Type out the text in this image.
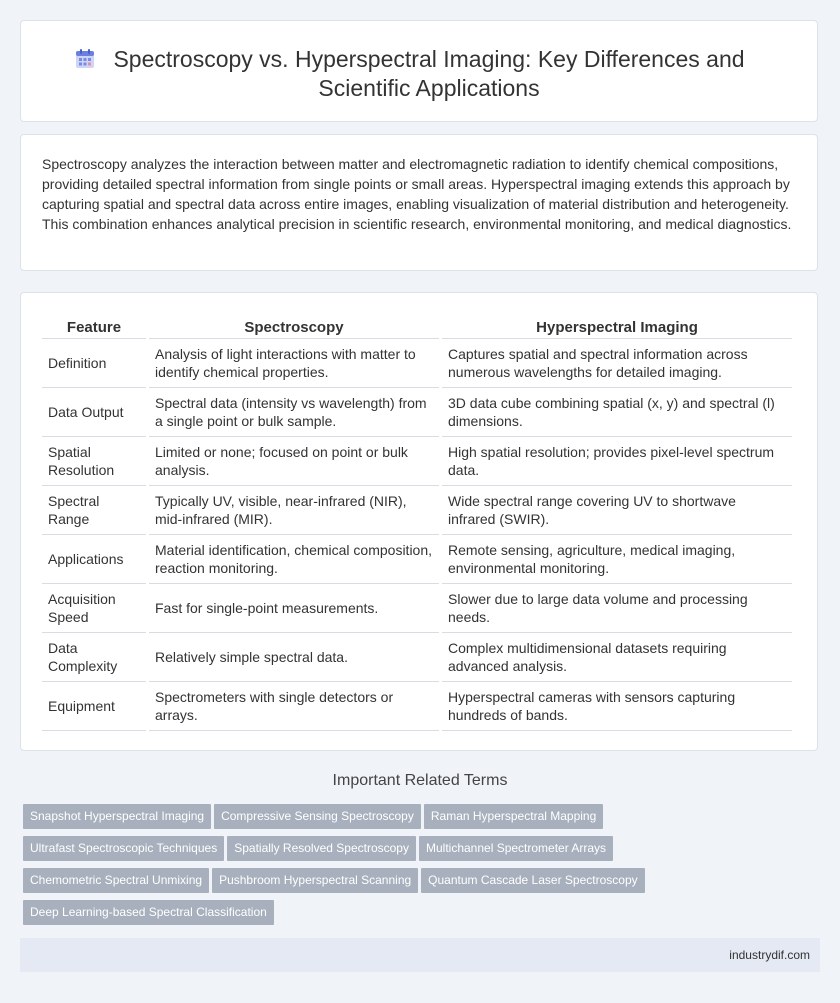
Spectroscopy vs. Hyperspectral Imaging: Key Differences and Scientific Applications

Spectroscopy analyzes the interaction between matter and electromagnetic radiation to identify chemical compositions, providing detailed spectral information from single points or small areas. Hyperspectral imaging extends this approach by capturing spatial and spectral data across entire images, enabling visualization of material distribution and heterogeneity. This combination enhances analytical precision in scientific research, environmental monitoring, and medical diagnostics.

Feature	Spectroscopy	Hyperspectral Imaging
Definition	Analysis of light interactions with matter to identify chemical properties.	Captures spatial and spectral information across numerous wavelengths for detailed imaging.
Data Output	Spectral data (intensity vs wavelength) from a single point or bulk sample.	3D data cube combining spatial (x, y) and spectral (l) dimensions.
Spatial Resolution	Limited or none; focused on point or bulk analysis.	High spatial resolution; provides pixel-level spectrum data.
Spectral Range	Typically UV, visible, near-infrared (NIR), mid-infrared (MIR).	Wide spectral range covering UV to shortwave infrared (SWIR).
Applications	Material identification, chemical composition, reaction monitoring.	Remote sensing, agriculture, medical imaging, environmental monitoring.
Acquisition Speed	Fast for single-point measurements.	Slower due to large data volume and processing needs.
Data Complexity	Relatively simple spectral data.	Complex multidimensional datasets requiring advanced analysis.
Equipment	Spectrometers with single detectors or arrays.	Hyperspectral cameras with sensors capturing hundreds of bands.
Important Related Terms
Snapshot Hyperspectral Imaging Compressive Sensing Spectroscopy Raman Hyperspectral Mapping
Ultrafast Spectroscopic Techniques Spatially Resolved Spectroscopy Multichannel Spectrometer Arrays
Chemometric Spectral Unmixing Pushbroom Hyperspectral Scanning Quantum Cascade Laser Spectroscopy
Deep Learning-based Spectral Classification
industrydif.com
